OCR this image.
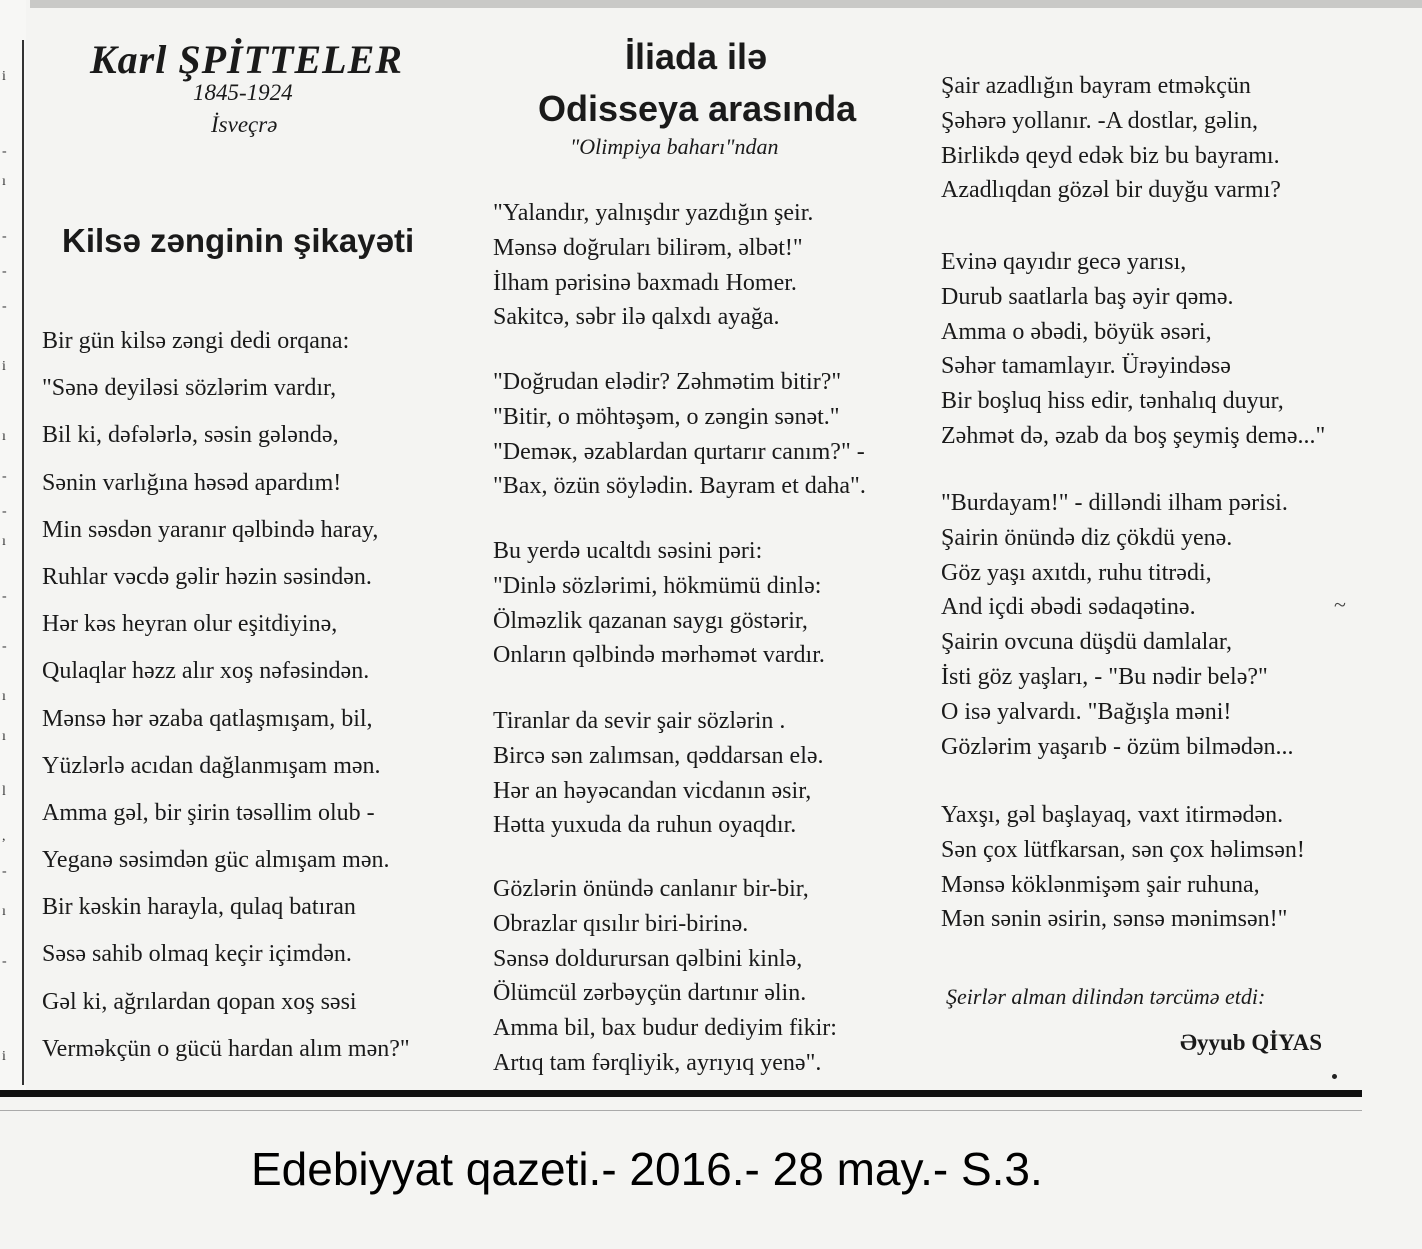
i
-
ı
-
-
-
i
ı
-
-
ı
-
-
ı
ı
l
,
-
ı
-
i
Karl ŞPİTTELER
1845-1924
İsveçrə
Kilsə zənginin şikayəti
Bir gün kilsə zəngi dedi orqana:
"Sənə deyiləsi sözlərim vardır,
Bil ki, dəfələrlə, səsin gələndə,
Sənin varlığına həsəd apardım!
Min səsdən yaranır qəlbində haray,
Ruhlar vəcdə gəlir həzin səsindən.
Hər kəs heyran olur eşitdiyinə,
Qulaqlar həzz alır xoş nəfəsindən.
Mənsə hər əzaba qatlaşmışam, bil,
Yüzlərlə acıdan dağlanmışam mən.
Amma gəl, bir şirin təsəllim olub -
Yeganə səsimdən güc almışam mən.
Bir kəskin harayla, qulaq batıran
Səsə sahib olmaq keçir içimdən.
Gəl ki, ağrılardan qopan xoş səsi
Verməkçün o gücü hardan alım mən?"
İliada ilə
Odisseya arasında
"Olimpiya baharı"ndan
"Yalandır, yalnışdır yazdığın şeir.
Mənsə doğruları bilirəm, əlbət!"
İlham pərisinə baxmadı Homer.
Sakitcə, səbr ilə qalxdı ayağa.
"Doğrudan elədir? Zəhmətim bitir?"
"Bitir, o möhtəşəm, o zəngin sənət."
"Deməк, əzablardan qurtarır canım?" -
"Bax, özün söylədin. Bayram et daha".
Bu yerdə ucaltdı səsini pəri:
"Dinlə sözlərimi, hökmümü dinlə:
Ölməzlik qazanan saygı göstərir,
Onların qəlbində mərhəmət vardır.
Tiranlar da sevir şair sözlərin .
Bircə sən zalımsan, qəddarsan elə.
Hər an həyəcandan vicdanın əsir,
Hətta yuxuda da ruhun oyaqdır.
Gözlərin önündə canlanır bir-bir,
Obrazlar qısılır biri-birinə.
Sənsə doldurursan qəlbini kinlə,
Ölümcül zərbəyçün dartınır əlin.
Amma bil, bax budur dediyim fikir:
Artıq tam fərqliyik, ayrıyıq yenə".
Şair azadlığın bayram etməkçün
Şəhərə yollanır. -A dostlar, gəlin,
Birlikdə qeyd edək biz bu bayramı.
Azadlıqdan gözəl bir duyğu varmı?
Evinə qayıdır gecə yarısı,
Durub saatlarla baş əyir qəmə.
Amma o əbədi, böyük əsəri,
Səhər tamamlayır. Ürəyindəsə
Bir boşluq hiss edir, tənhalıq duyur,
Zəhmət də, əzab da boş şeymiş demə..."
"Burdayam!" - dilləndi ilham pərisi.
Şairin önündə diz çökdü yenə.
Göz yaşı axıtdı, ruhu titrədi,
And içdi əbədi sədaqətinə.
Şairin ovcuna düşdü damlalar,
İsti göz yaşları, - "Bu nədir belə?"
O isə yalvardı. "Bağışla məni!
Gözlərim yaşarıb - özüm bilmədən...
Yaxşı, gəl başlayaq, vaxt itirmədən.
Sən çox lütfkarsan, sən çox həlimsən!
Mənsə köklənmişəm şair ruhuna,
Mən sənin əsirin, sənsə mənimsən!"
Şeirlər alman dilindən tərcümə etdi:
Əyyub QİYAS
~
Edebiyyat qazeti.- 2016.- 28 may.- S.3.
